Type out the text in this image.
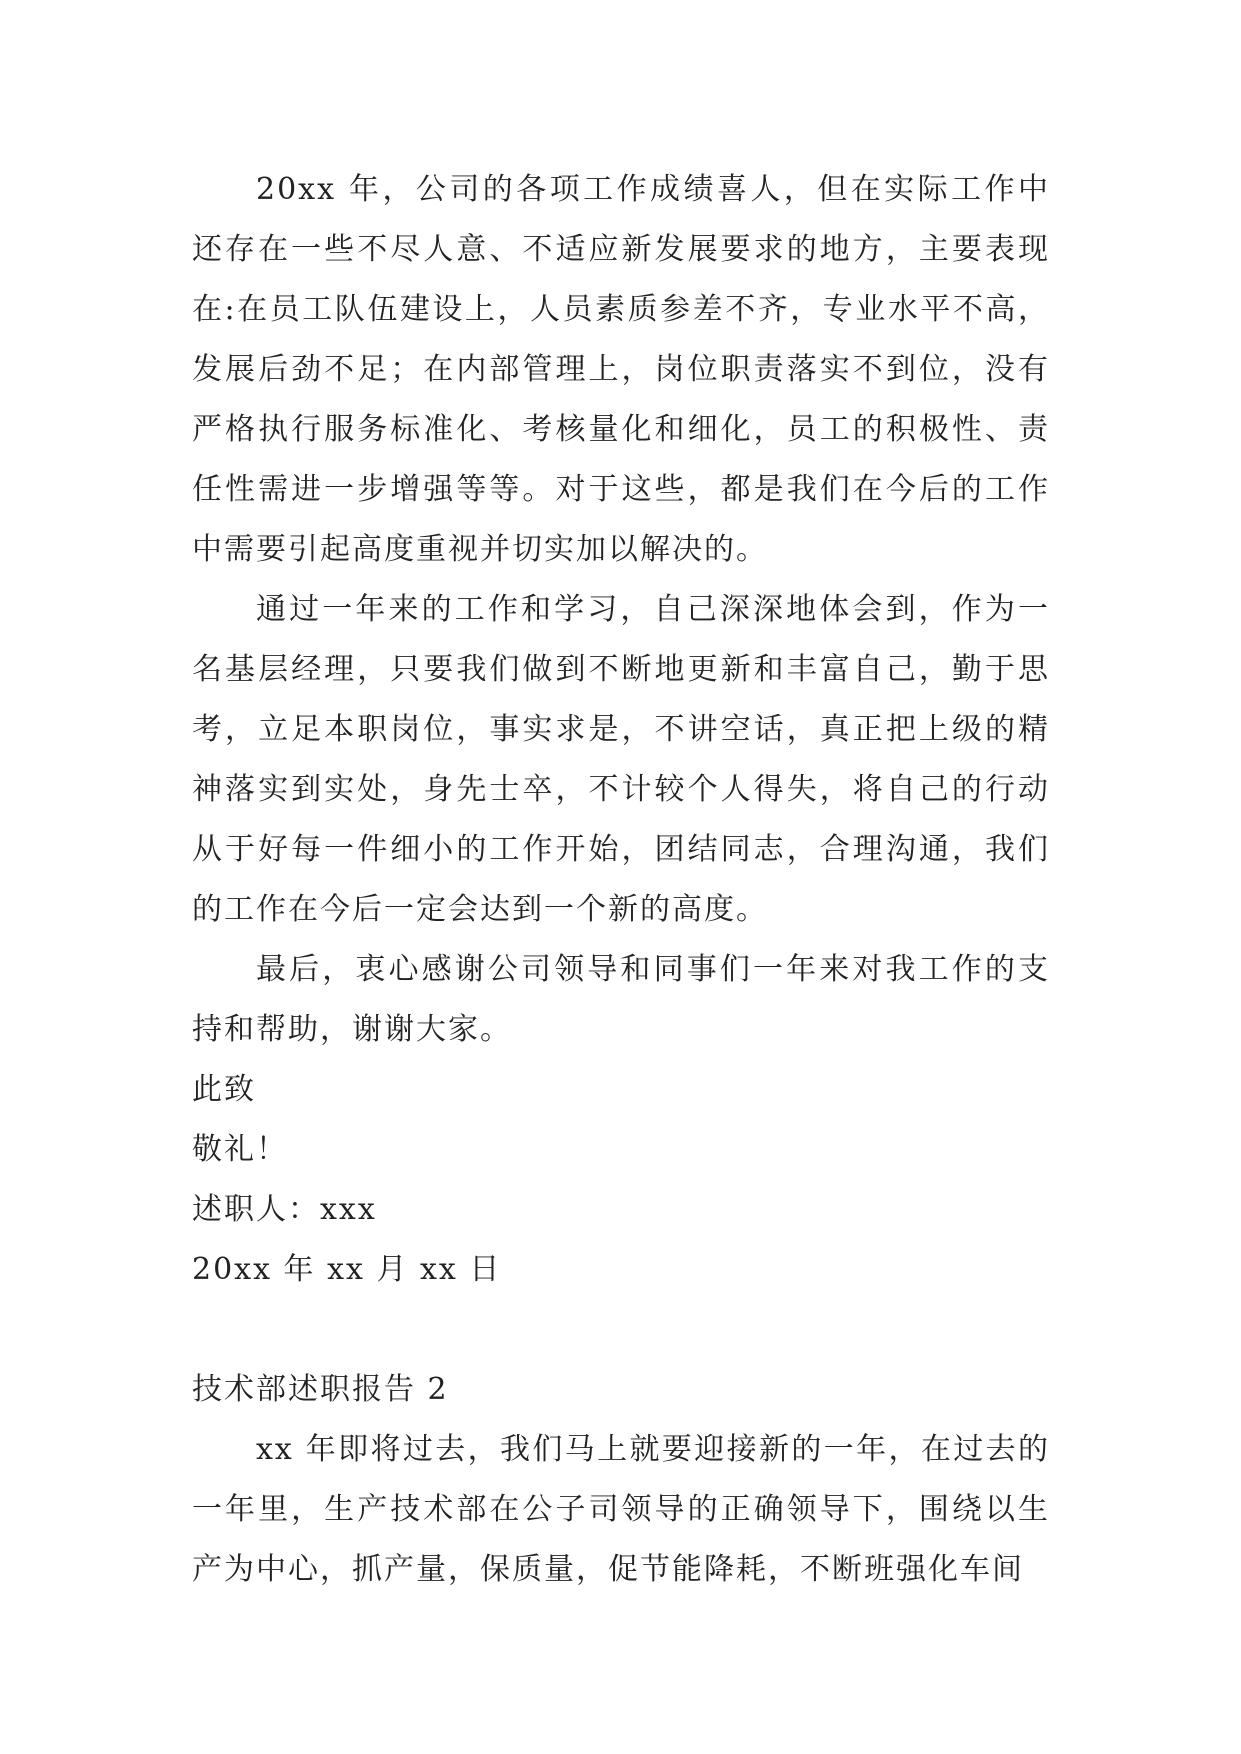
20xx 年，公司的各项工作成绩喜人，但在实际工作中还存在一些不尽人意、不适应新发展要求的地方，主要表现在:在员工队伍建设上，人员素质参差不齐，专业水平不高，发展后劲不足；在内部管理上，岗位职责落实不到位，没有严格执行服务标准化、考核量化和细化，员工的积极性、责任性需进一步增强等等。对于这些，都是我们在今后的工作中需要引起高度重视并切实加以解决的。

通过一年来的工作和学习，自己深深地体会到，作为一名基层经理，只要我们做到不断地更新和丰富自己，勤于思考，立足本职岗位，事实求是，不讲空话，真正把上级的精神落实到实处，身先士卒，不计较个人得失，将自己的行动从于好每一件细小的工作开始，团结同志，合理沟通，我们的工作在今后一定会达到一个新的高度。

最后，衷心感谢公司领导和同事们一年来对我工作的支持和帮助，谢谢大家。

此致

敬礼！

述职人：xxx

20xx 年 xx 月 xx 日

技术部述职报告 2

xx 年即将过去，我们马上就要迎接新的一年，在过去的一年里，生产技术部在公子司领导的正确领导下，围绕以生产为中心，抓产量，保质量，促节能降耗，不断班强化车间
